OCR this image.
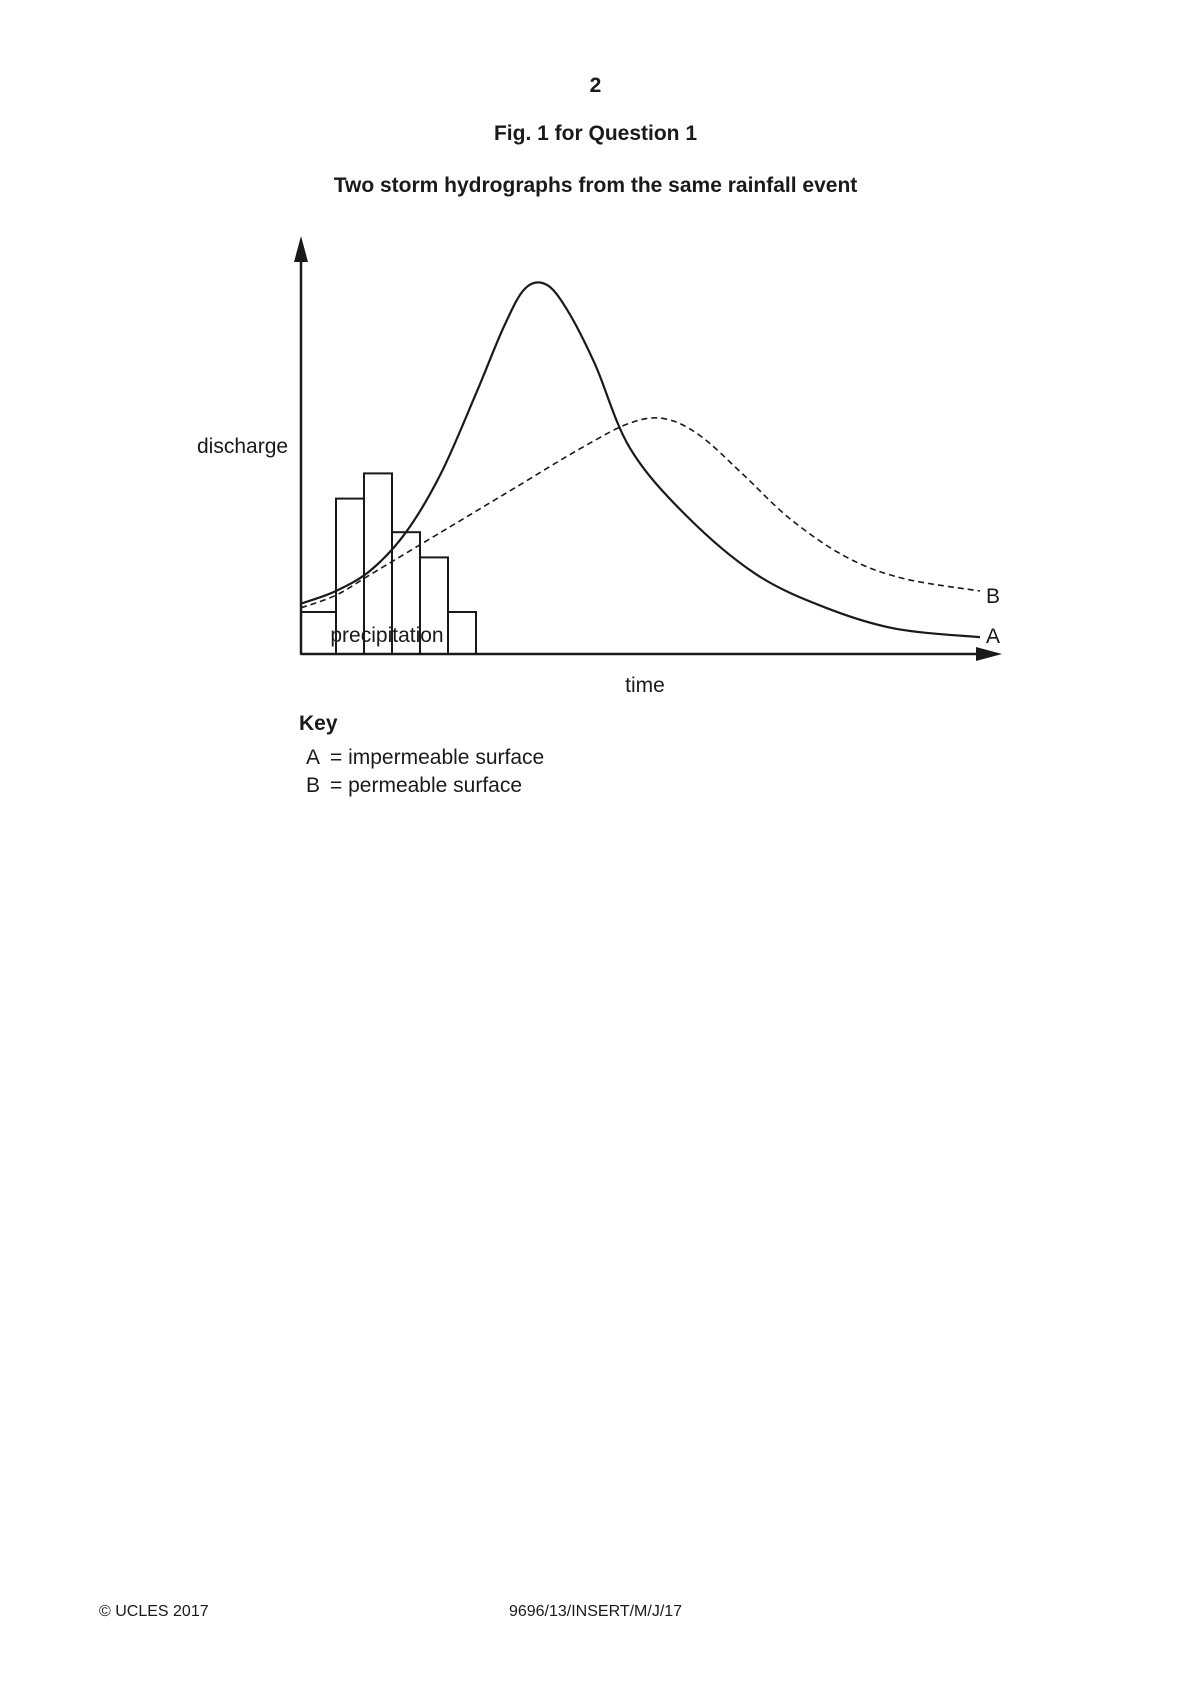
2
Fig. 1 for Question 1
Two storm hydrographs from the same rainfall event
discharge
time
precipitation
B
A
Key
A = impermeable surface
B = permeable surface
© UCLES 2017	9696/13/INSERT/M/J/17
